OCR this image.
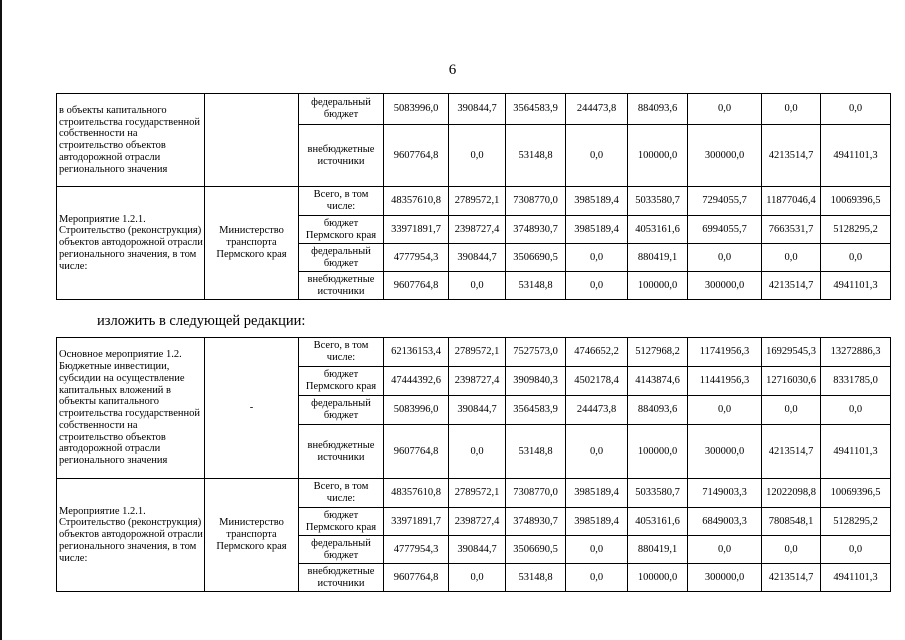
6
в объекты капитального строительства государственной собственности на строительство объектов автодорожной отрасли регионального значения		федеральный бюджет	5083996,0	390844,7	3564583,9	244473,8	884093,6	0,0	0,0	0,0
		внебюджетные источники	9607764,8	0,0	53148,8	0,0	100000,0	300000,0	4213514,7	4941101,3
Мероприятие 1.2.1. Строительство (реконструкция) объектов автодорожной отрасли регионального значения, в том числе:	Министерство транспорта Пермского края	Всего, в том числе:	48357610,8	2789572,1	7308770,0	3985189,4	5033580,7	7294055,7	11877046,4	10069396,5
		бюджет Пермского края	33971891,7	2398727,4	3748930,7	3985189,4	4053161,6	6994055,7	7663531,7	5128295,2
		федеральный бюджет	4777954,3	390844,7	3506690,5	0,0	880419,1	0,0	0,0	0,0
		внебюджетные источники	9607764,8	0,0	53148,8	0,0	100000,0	300000,0	4213514,7	4941101,3
изложить в следующей редакции:
Основное мероприятие 1.2. Бюджетные инвестиции, субсидии на осуществление капитальных вложений в объекты капитального строительства государственной собственности на строительство объектов автодорожной отрасли регионального значения	-	Всего, в том числе:	62136153,4	2789572,1	7527573,0	4746652,2	5127968,2	11741956,3	16929545,3	13272886,3
		бюджет Пермского края	47444392,6	2398727,4	3909840,3	4502178,4	4143874,6	11441956,3	12716030,6	8331785,0
		федеральный бюджет	5083996,0	390844,7	3564583,9	244473,8	884093,6	0,0	0,0	0,0
		внебюджетные источники	9607764,8	0,0	53148,8	0,0	100000,0	300000,0	4213514,7	4941101,3
Мероприятие 1.2.1. Строительство (реконструкция) объектов автодорожной отрасли регионального значения, в том числе:	Министерство транспорта Пермского края	Всего, в том числе:	48357610,8	2789572,1	7308770,0	3985189,4	5033580,7	7149003,3	12022098,8	10069396,5
		бюджет Пермского края	33971891,7	2398727,4	3748930,7	3985189,4	4053161,6	6849003,3	7808548,1	5128295,2
		федеральный бюджет	4777954,3	390844,7	3506690,5	0,0	880419,1	0,0	0,0	0,0
		внебюджетные источники	9607764,8	0,0	53148,8	0,0	100000,0	300000,0	4213514,7	4941101,3
